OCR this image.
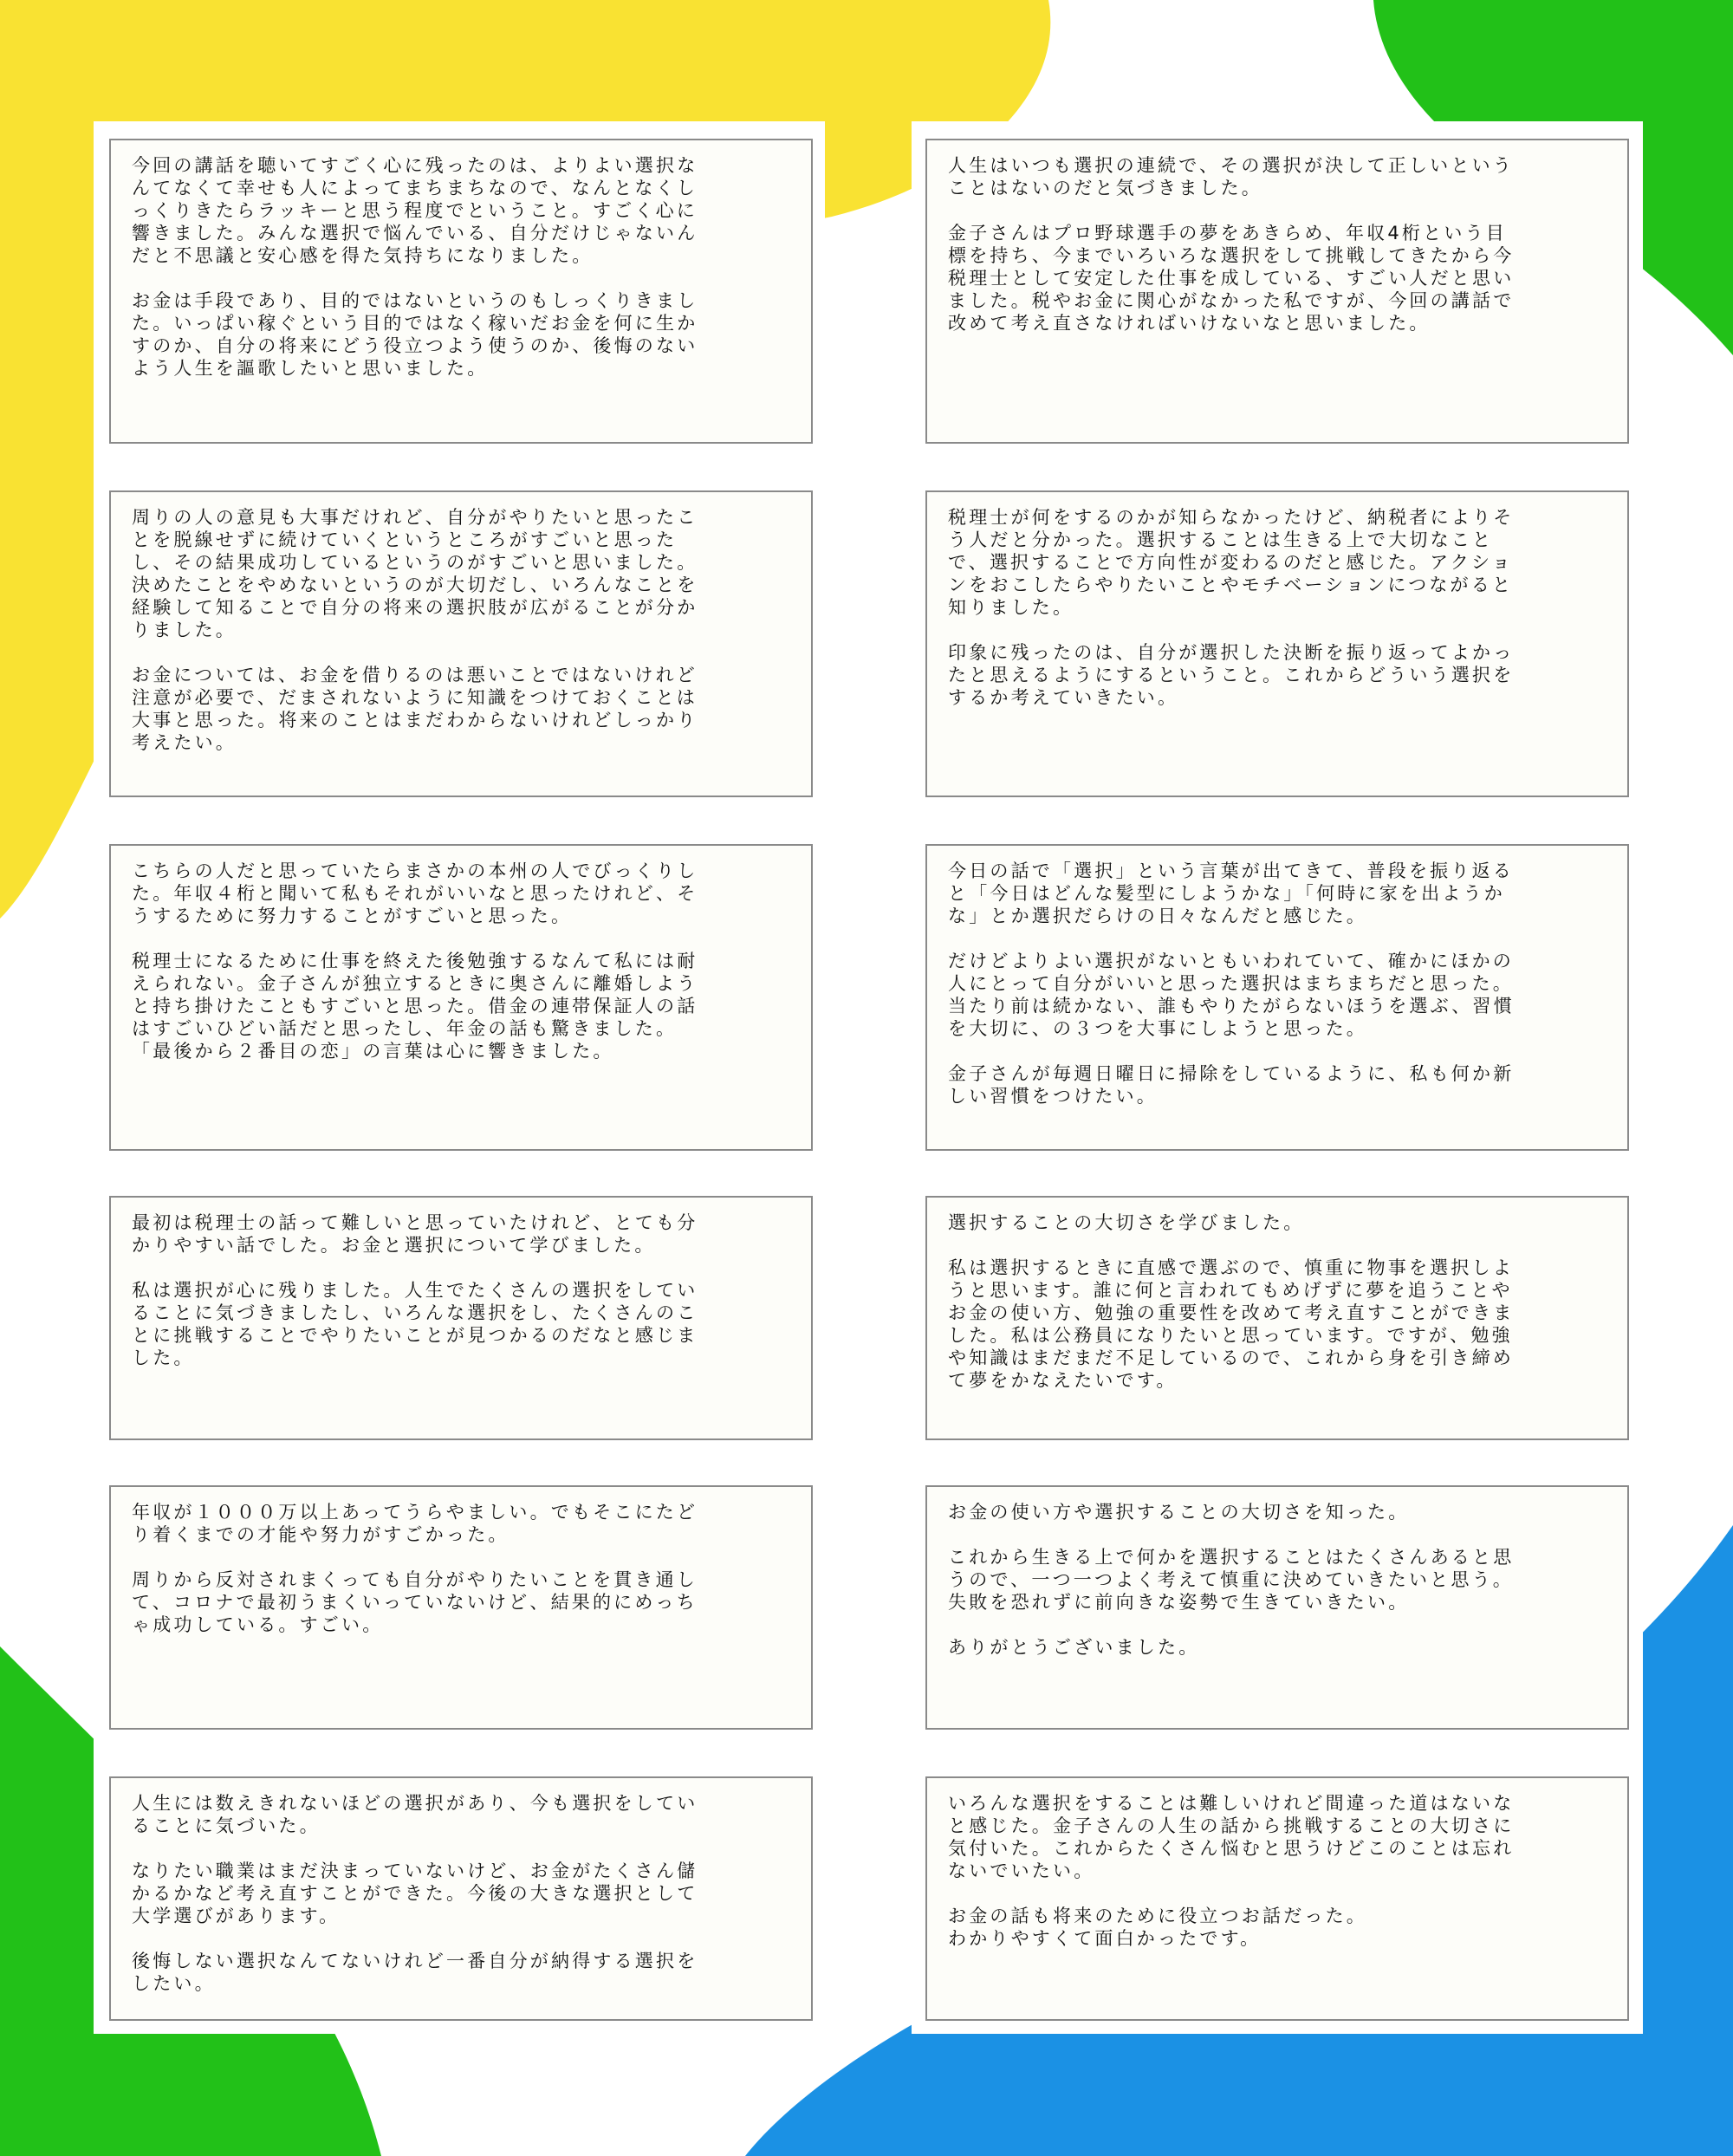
今回の講話を聴いてすごく心に残ったのは、よりよい選択な
んてなくて幸せも人によってまちまちなので、なんとなくし
っくりきたらラッキーと思う程度でということ。すごく心に
響きました。みんな選択で悩んでいる、自分だけじゃないん
だと不思議と安心感を得た気持ちになりました。

お金は手段であり、目的ではないというのもしっくりきまし
た。いっぱい稼ぐという目的ではなく稼いだお金を何に生か
すのか、自分の将来にどう役立つよう使うのか、後悔のない
よう人生を謳歌したいと思いました。

人生はいつも選択の連続で、その選択が決して正しいという
ことはないのだと気づきました。

金子さんはプロ野球選手の夢をあきらめ、年収4桁という目
標を持ち、今までいろいろな選択をして挑戦してきたから今
税理士として安定した仕事を成している、すごい人だと思い
ました。税やお金に関心がなかった私ですが、今回の講話で
改めて考え直さなければいけないなと思いました。

周りの人の意見も大事だけれど、自分がやりたいと思ったこ
とを脱線せずに続けていくというところがすごいと思った
し、その結果成功しているというのがすごいと思いました。
決めたことをやめないというのが大切だし、いろんなことを
経験して知ることで自分の将来の選択肢が広がることが分か
りました。

お金については、お金を借りるのは悪いことではないけれど
注意が必要で、だまされないように知識をつけておくことは
大事と思った。将来のことはまだわからないけれどしっかり
考えたい。

税理士が何をするのかが知らなかったけど、納税者によりそ
う人だと分かった。選択することは生きる上で大切なこと
で、選択することで方向性が変わるのだと感じた。アクショ
ンをおこしたらやりたいことやモチベーションにつながると
知りました。

印象に残ったのは、自分が選択した決断を振り返ってよかっ
たと思えるようにするということ。これからどういう選択を
するか考えていきたい。

こちらの人だと思っていたらまさかの本州の人でびっくりし
た。年収４桁と聞いて私もそれがいいなと思ったけれど、そ
うするために努力することがすごいと思った。

税理士になるために仕事を終えた後勉強するなんて私には耐
えられない。金子さんが独立するときに奥さんに離婚しよう
と持ち掛けたこともすごいと思った。借金の連帯保証人の話
はすごいひどい話だと思ったし、年金の話も驚きました。
「最後から２番目の恋」の言葉は心に響きました。

今日の話で「選択」という言葉が出てきて、普段を振り返る
と「今日はどんな髪型にしようかな」「何時に家を出ようか
な」とか選択だらけの日々なんだと感じた。

だけどよりよい選択がないともいわれていて、確かにほかの
人にとって自分がいいと思った選択はまちまちだと思った。
当たり前は続かない、誰もやりたがらないほうを選ぶ、習慣
を大切に、の３つを大事にしようと思った。

金子さんが毎週日曜日に掃除をしているように、私も何か新
しい習慣をつけたい。

最初は税理士の話って難しいと思っていたけれど、とても分
かりやすい話でした。お金と選択について学びました。

私は選択が心に残りました。人生でたくさんの選択をしてい
ることに気づきましたし、いろんな選択をし、たくさんのこ
とに挑戦することでやりたいことが見つかるのだなと感じま
した。

選択することの大切さを学びました。

私は選択するときに直感で選ぶので、慎重に物事を選択しよ
うと思います。誰に何と言われてもめげずに夢を追うことや
お金の使い方、勉強の重要性を改めて考え直すことができま
した。私は公務員になりたいと思っています。ですが、勉強
や知識はまだまだ不足しているので、これから身を引き締め
て夢をかなえたいです。

年収が１０００万以上あってうらやましい。でもそこにたど
り着くまでの才能や努力がすごかった。

周りから反対されまくっても自分がやりたいことを貫き通し
て、コロナで最初うまくいっていないけど、結果的にめっち
ゃ成功している。すごい。

お金の使い方や選択することの大切さを知った。

これから生きる上で何かを選択することはたくさんあると思
うので、一つ一つよく考えて慎重に決めていきたいと思う。
失敗を恐れずに前向きな姿勢で生きていきたい。

ありがとうございました。

人生には数えきれないほどの選択があり、今も選択をしてい
ることに気づいた。

なりたい職業はまだ決まっていないけど、お金がたくさん儲
かるかなど考え直すことができた。今後の大きな選択として
大学選びがあります。

後悔しない選択なんてないけれど一番自分が納得する選択を
したい。

いろんな選択をすることは難しいけれど間違った道はないな
と感じた。金子さんの人生の話から挑戦することの大切さに
気付いた。これからたくさん悩むと思うけどこのことは忘れ
ないでいたい。

お金の話も将来のために役立つお話だった。
わかりやすくて面白かったです。
